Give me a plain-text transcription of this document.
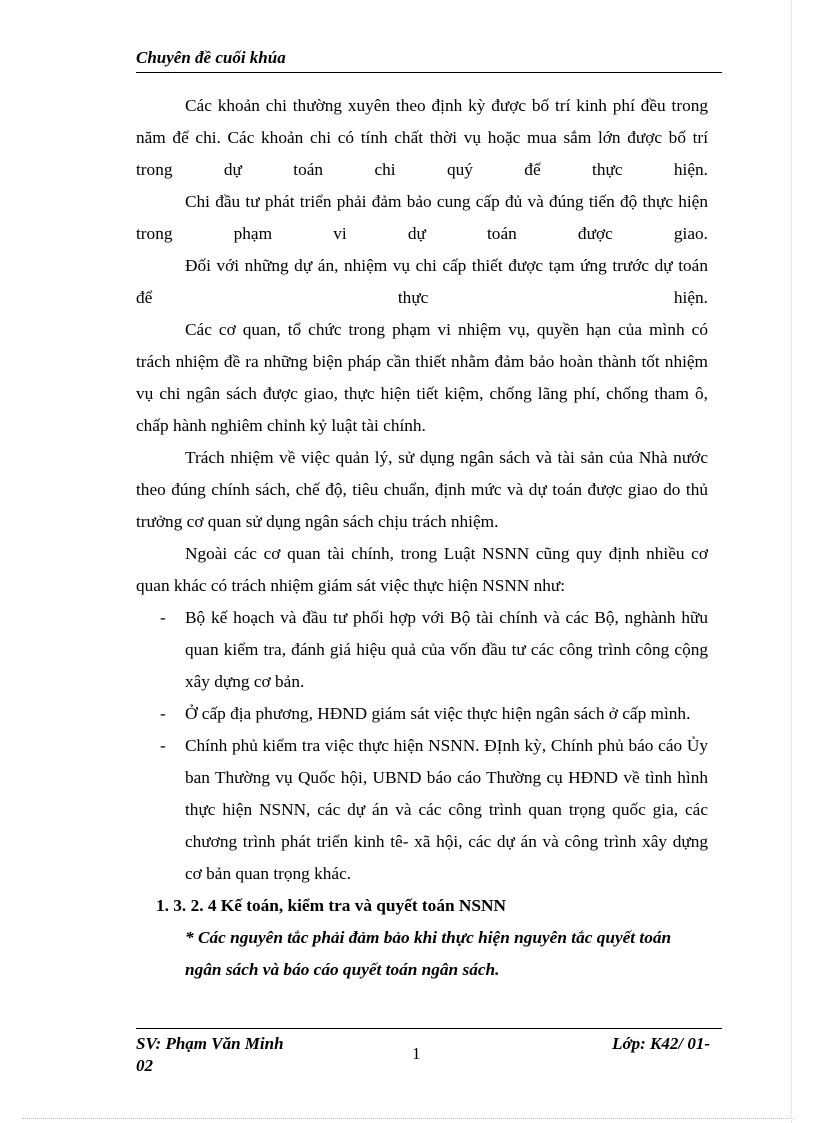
Chuyên đề cuối khúa

Các khoản chi thường xuyên theo định kỳ được bố trí kinh phí đều trong năm để chi. Các khoản chi có tính chất thời vụ hoặc mua sắm lớn được bố trí trong dự toán chi quý để thực hiện.

Chi đầu tư phát triển phải đảm bảo cung cấp đủ và đúng tiến độ thực hiện trong phạm vi dự toán được giao.

Đối với những dự án, nhiệm vụ chi cấp thiết được tạm ứng trước dự toán để thực hiện.

Các cơ quan, tổ chức trong phạm vi nhiệm vụ, quyền hạn của mình có trách nhiệm đề ra những biện pháp cần thiết nhằm đảm bảo hoàn thành tốt nhiệm vụ chi ngân sách được giao, thực hiện tiết kiệm, chống lãng phí, chống tham ô, chấp hành nghiêm chỉnh kỷ luật tài chính.

Trách nhiệm về việc quản lý, sử dụng ngân sách và tài sản của Nhà nước theo đúng chính sách, chế độ, tiêu chuẩn, định mức và dự toán được giao do thủ trưởng cơ quan sử dụng ngân sách chịu trách nhiệm.

Ngoài các cơ quan tài chính, trong Luật NSNN cũng quy định nhiều cơ quan khác có trách nhiệm giám sát việc thực hiện NSNN như:

- Bộ kế hoạch và đầu tư phối hợp với Bộ tài chính và các Bộ, nghành hữu quan kiểm tra, đánh giá hiệu quả của vốn đầu tư các công trình công cộng xây dựng cơ bản.
- Ở cấp địa phương, HĐND giám sát việc thực hiện ngân sách ở cấp mình.
- Chính phủ kiểm tra việc thực hiện NSNN. ĐỊnh kỳ, Chính phủ báo cáo Ủy ban Thường vụ Quốc hội, UBND báo cáo Thường cụ HĐND về tình hình thực hiện NSNN, các dự án và các công trình quan trọng quốc gia, các chương trình phát triển kinh tê- xã hội, các dự án và công trình xây dựng cơ bản quan trọng khác.

1. 3. 2. 4 Kế toán, kiểm tra và quyết toán NSNN

* Các nguyên tắc phải đảm bảo khi thực hiện nguyên tắc quyết toán ngân sách và báo cáo quyết toán ngân sách.

SV: Phạm Văn Minh
02
1
Lớp: K42/ 01-
